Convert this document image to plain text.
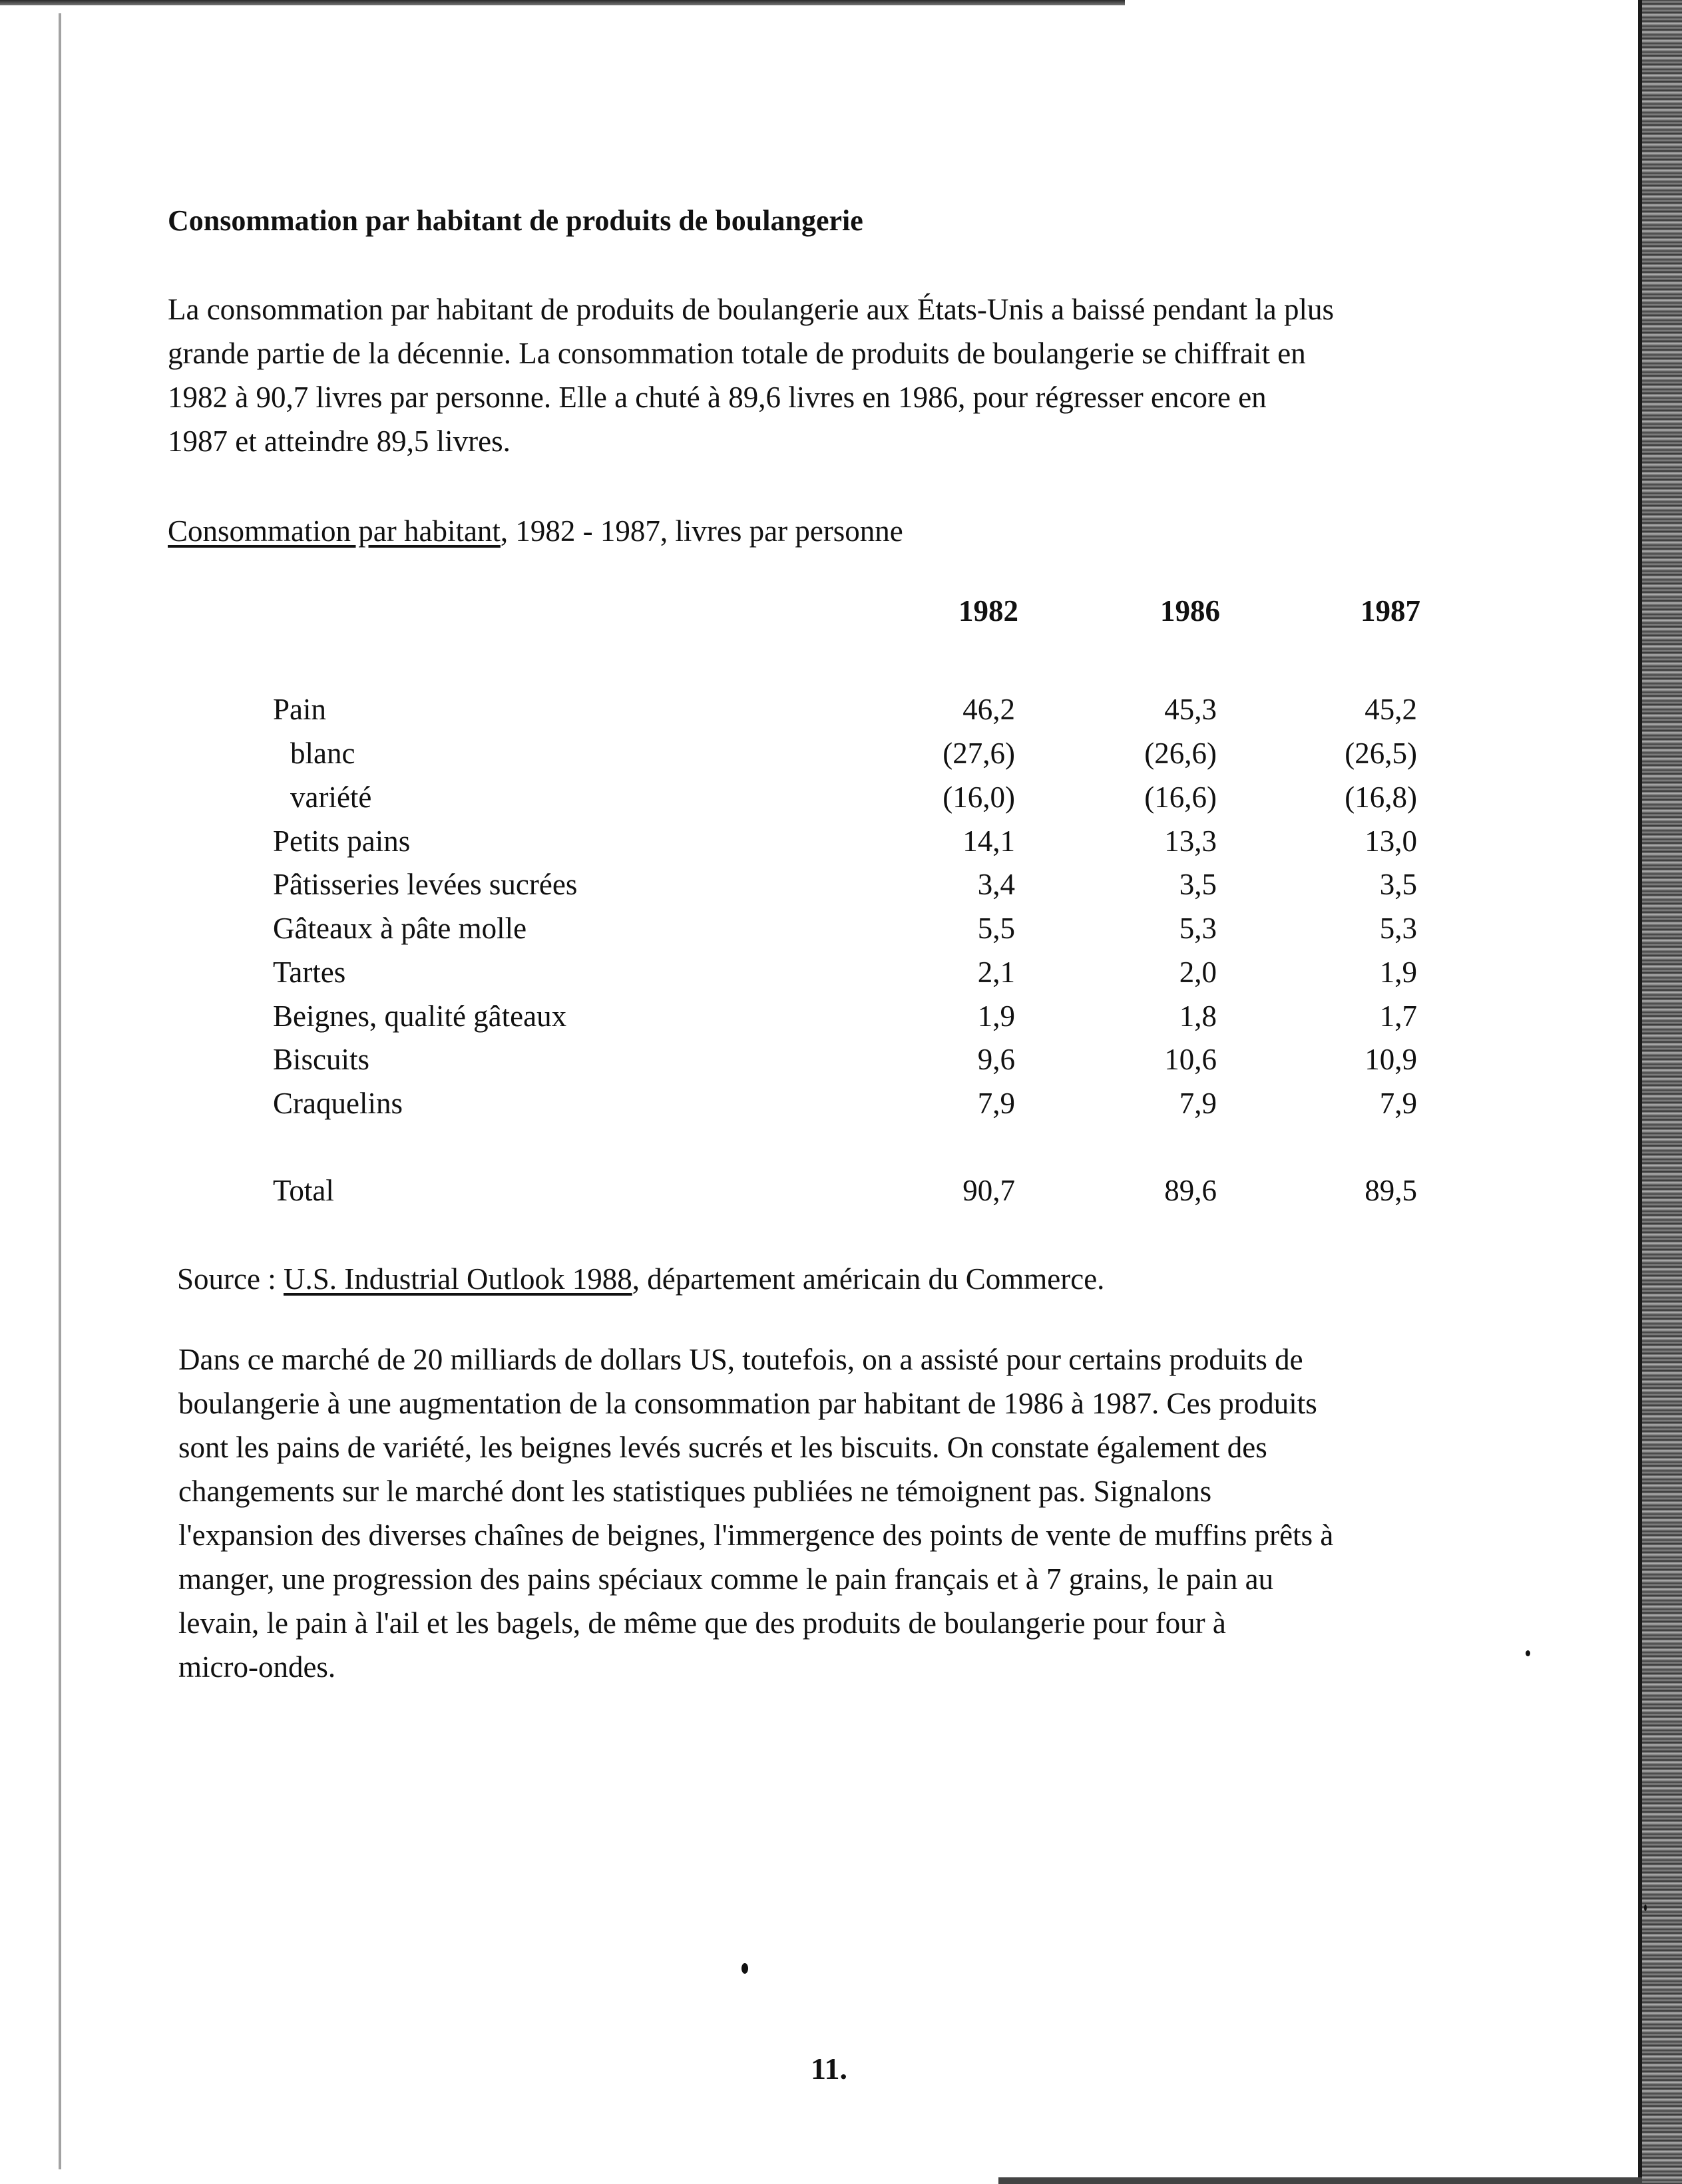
Consommation par habitant de produits de boulangerie
La consommation par habitant de produits de boulangerie aux États-Unis a baissé pendant la plus
grande partie de la décennie. La consommation totale de produits de boulangerie se chiffrait en
1982 à 90,7 livres par personne. Elle a chuté à 89,6 livres en 1986, pour régresser encore en
1987 et atteindre 89,5 livres.
Consommation par habitant, 1982 - 1987, livres par personne
1982	1986	1987
Pain	46,2	45,3	45,2
blanc	(27,6)	(26,6)	(26,5)
variété	(16,0)	(16,6)	(16,8)
Petits pains	14,1	13,3	13,0
Pâtisseries levées sucrées	3,4	3,5	3,5
Gâteaux à pâte molle	5,5	5,3	5,3
Tartes	2,1	2,0	1,9
Beignes, qualité gâteaux	1,9	1,8	1,7
Biscuits	9,6	10,6	10,9
Craquelins	7,9	7,9	7,9
Total	90,7	89,6	89,5
Source : U.S. Industrial Outlook 1988, département américain du Commerce.
Dans ce marché de 20 milliards de dollars US, toutefois, on a assisté pour certains produits de
boulangerie à une augmentation de la consommation par habitant de 1986 à 1987. Ces produits
sont les pains de variété, les beignes levés sucrés et les biscuits. On constate également des
changements sur le marché dont les statistiques publiées ne témoignent pas. Signalons
l'expansion des diverses chaînes de beignes, l'immergence des points de vente de muffins prêts à
manger, une progression des pains spéciaux comme le pain français et à 7 grains, le pain au
levain, le pain à l'ail et les bagels, de même que des produits de boulangerie pour four à
micro-ondes.
11.
